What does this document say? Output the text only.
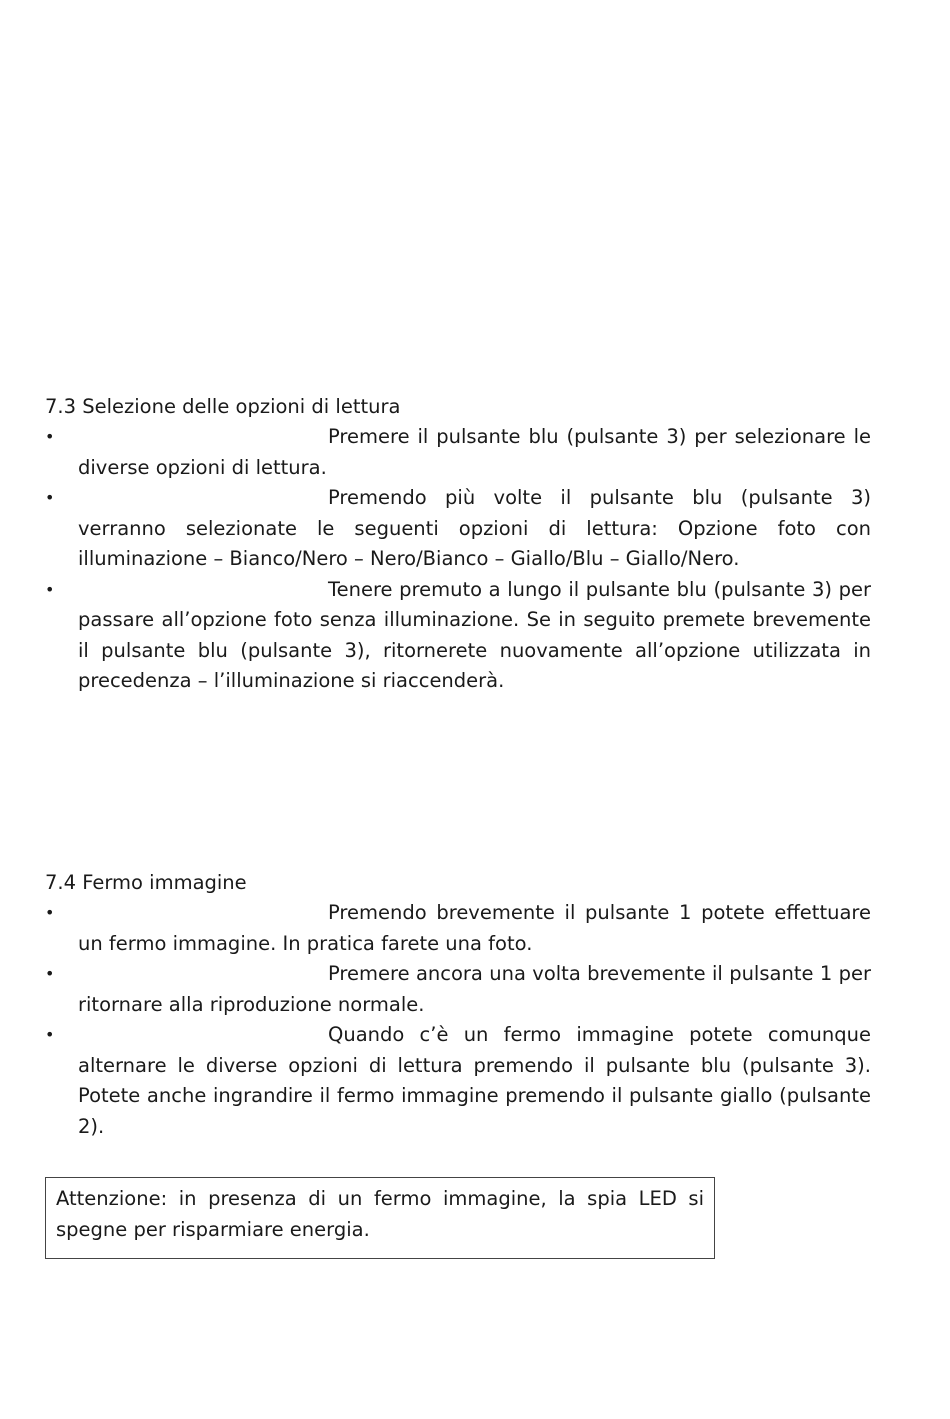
7.3 Selezione delle opzioni di lettura
•	Premere il pulsante blu (pulsante 3) per selezionare le diverse opzioni di lettura.
•	Premendo più volte il pulsante blu (pulsante 3) verranno selezionate le seguenti opzioni di lettura: Opzione foto con illuminazione – Bianco/Nero – Nero/Bianco – Giallo/Blu – Giallo/Nero.
•	Tenere premuto a lungo il pulsante blu (pulsante 3) per passare all’opzione foto senza illuminazione. Se in seguito premete brevemente il pulsante blu (pulsante 3), ritornerete nuovamente all’opzione utilizzata in precedenza – l’illuminazione si riaccenderà.
7.4 Fermo immagine
•	Premendo brevemente il pulsante 1 potete effettuare un fermo immagine. In pratica farete una foto.
•	Premere ancora una volta brevemente il pulsante 1 per ritornare alla riproduzione normale.
•	Quando c’è un fermo immagine potete comunque alternare le diverse opzioni di lettura premendo il pulsante blu (pulsante 3). Potete anche ingrandire il fermo immagine premendo il pulsante giallo (pulsante 2).
Attenzione: in presenza di un fermo immagine, la spia LED si spegne per risparmiare energia.
